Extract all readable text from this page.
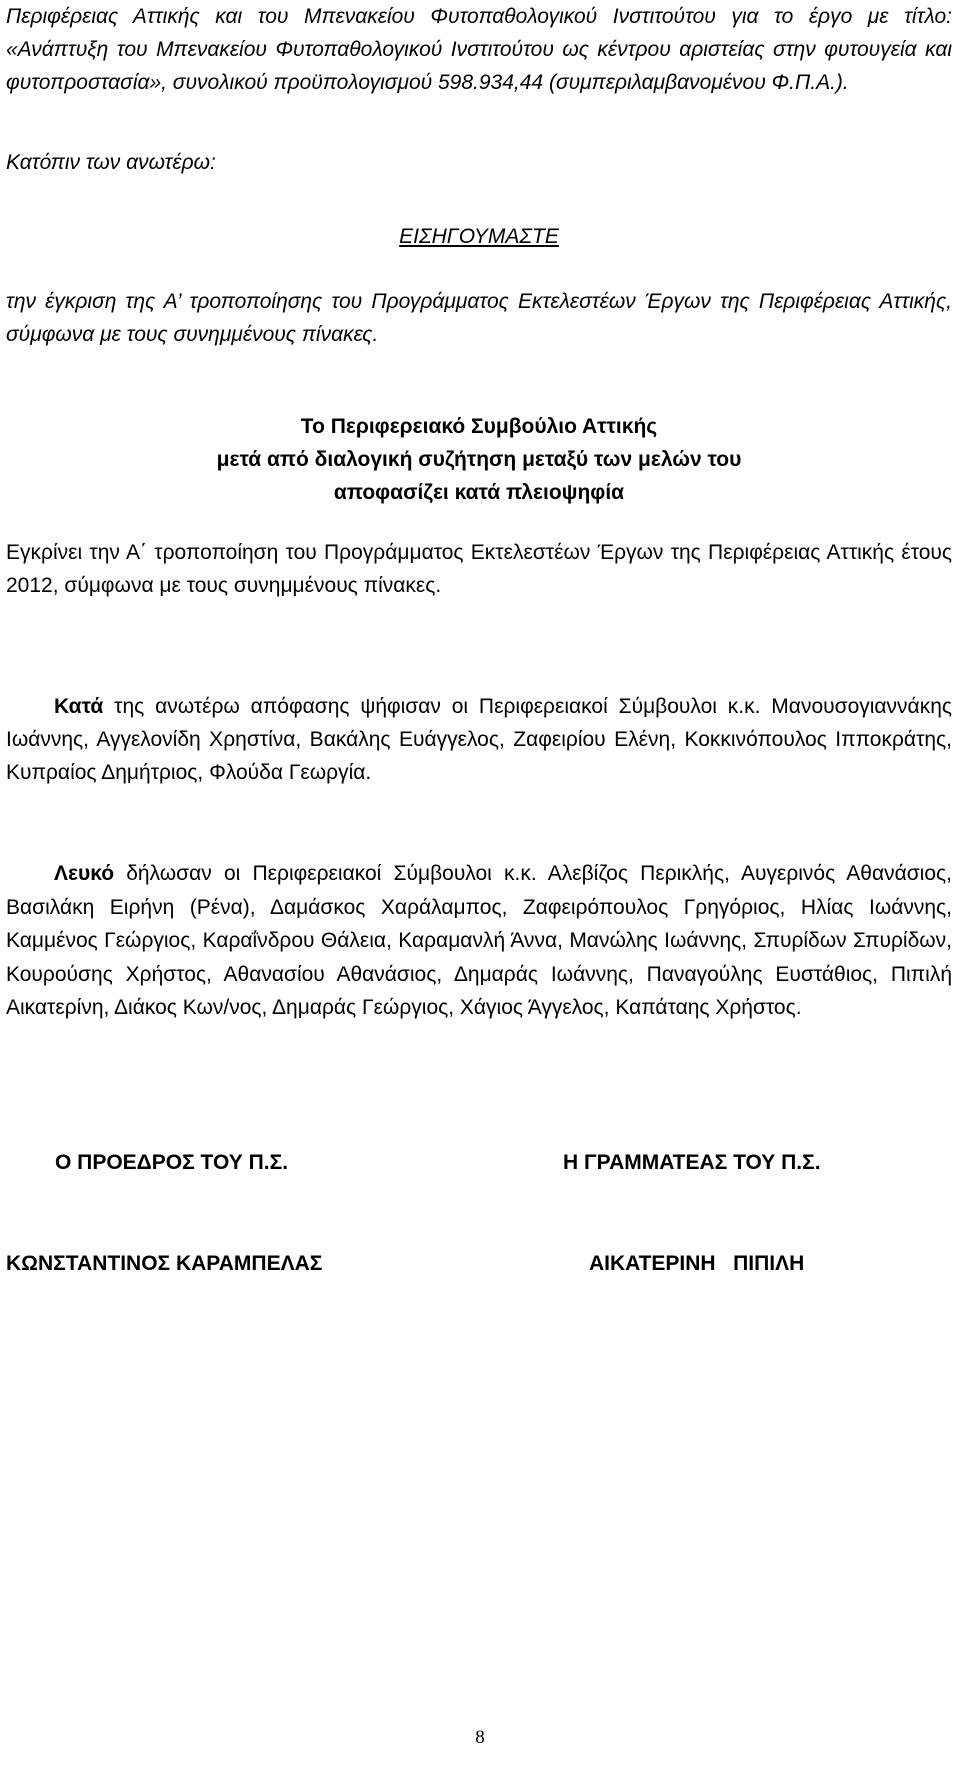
Περιφέρειας Αττικής και του Μπενακείου Φυτοπαθολογικού Ινστιτούτου για το έργο με τίτλο: «Ανάπτυξη του Μπενακείου Φυτοπαθολογικού Ινστιτούτου ως κέντρου αριστείας στην φυτουγεία και φυτοπροστασία», συνολικού προϋπολογισμού 598.934,44 (συμπεριλαμβανομένου Φ.Π.Α.).

Κατόπιν των ανωτέρω:

ΕΙΣΗΓΟΥΜΑΣΤΕ

την έγκριση της Α’ τροποποίησης του Προγράμματος Εκτελεστέων Έργων της Περιφέρειας Αττικής, σύμφωνα με τους συνημμένους πίνακες.

Το Περιφερειακό Συμβούλιο Αττικής
μετά από διαλογική συζήτηση μεταξύ των μελών του
αποφασίζει κατά πλειοψηφία

Εγκρίνει την Α΄ τροποποίηση του Προγράμματος Εκτελεστέων Έργων της Περιφέρειας Αττικής έτους 2012, σύμφωνα με τους συνημμένους πίνακες.

Κατά της ανωτέρω απόφασης ψήφισαν οι Περιφερειακοί Σύμβουλοι κ.κ. Μανουσογιαννάκης Ιωάννης, Αγγελονίδη Χρηστίνα, Βακάλης Ευάγγελος, Ζαφειρίου Ελένη, Κοκκινόπουλος Ιπποκράτης, Κυπραίος Δημήτριος, Φλούδα Γεωργία.

Λευκό δήλωσαν οι Περιφερειακοί Σύμβουλοι κ.κ. Αλεβίζος Περικλής, Αυγερινός Αθανάσιος, Βασιλάκη Ειρήνη (Ρένα), Δαμάσκος Χαράλαμπος, Ζαφειρόπουλος Γρηγόριος, Ηλίας Ιωάννης, Καμμένος Γεώργιος, Καραΐνδρου Θάλεια, Καραμανλή Άννα, Μανώλης Ιωάννης, Σπυρίδων Σπυρίδων, Κουρούσης Χρήστος, Αθανασίου Αθανάσιος, Δημαράς Ιωάννης, Παναγούλης Ευστάθιος, Πιπιλή Αικατερίνη, Διάκος Κων/νος, Δημαράς Γεώργιος, Χάγιος Άγγελος, Καπάταης Χρήστος.

Ο ΠΡΟΕΔΡΟΣ ΤΟΥ Π.Σ.	Η ΓΡΑΜΜΑΤΕΑΣ ΤΟΥ Π.Σ.
ΚΩΝΣΤΑΝΤΙΝΟΣ ΚΑΡΑΜΠΕΛΑΣ	ΑΙΚΑΤΕΡΙΝΗ   ΠΙΠΙΛΗ
8
